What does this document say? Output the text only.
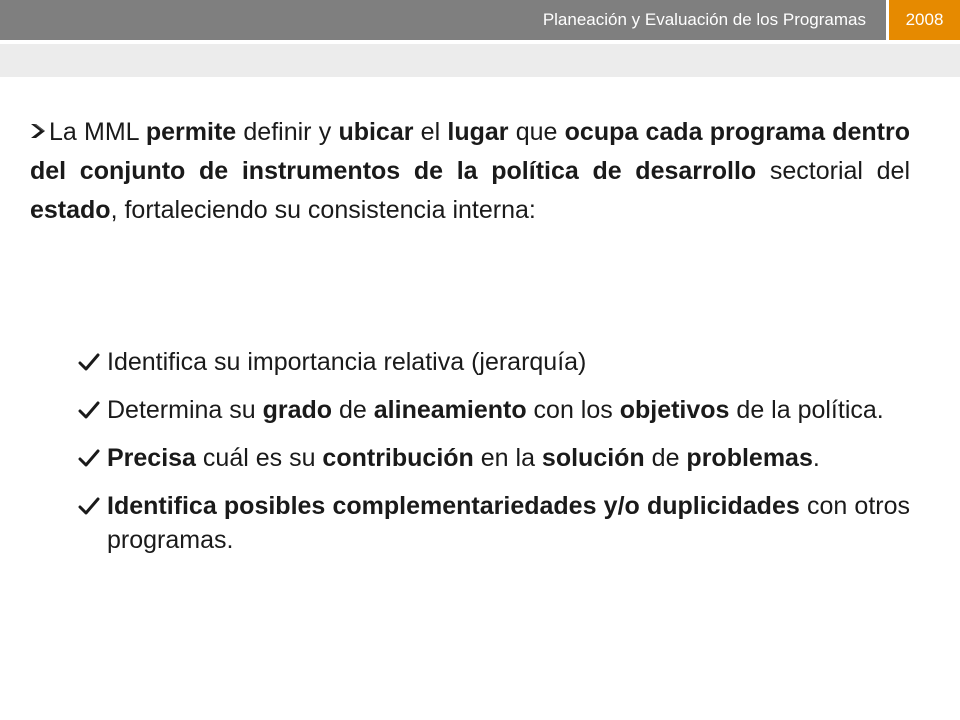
Planeación y Evaluación de los Programas	2008
La MML permite definir y ubicar el lugar que ocupa cada programa dentro del conjunto de instrumentos de la política de desarrollo sectorial del estado, fortaleciendo su consistencia interna:
Identifica su importancia relativa (jerarquía)
Determina su grado de alineamiento con los objetivos de la política.
Precisa cuál es su contribución en la solución de problemas.
Identifica posibles complementariedades y/o duplicidades con otros programas.
